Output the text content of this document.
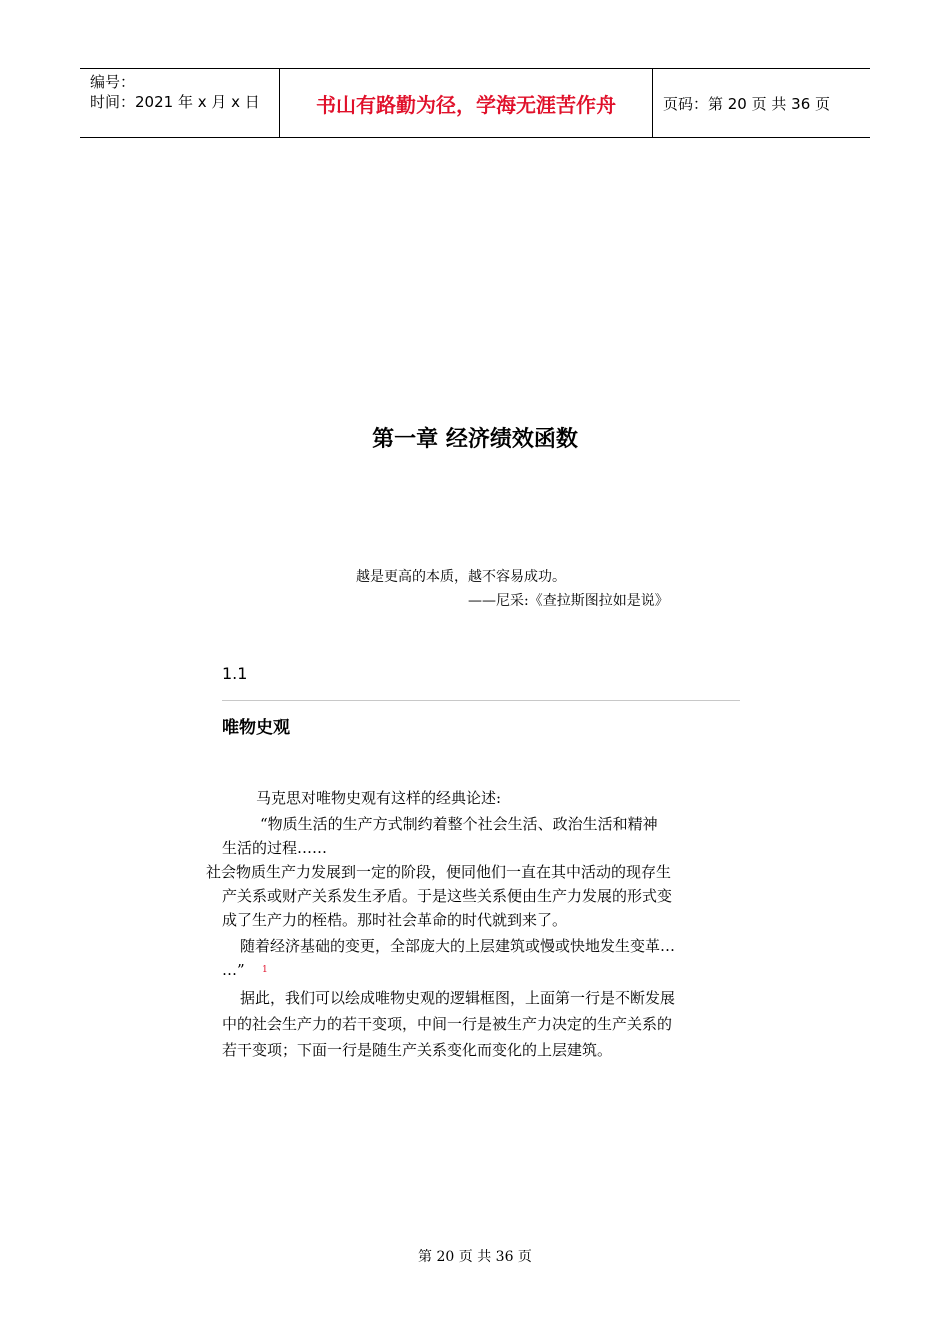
编号：
时间：2021 年 x 月 x 日	书山有路勤为径，学海无涯苦作舟	页码：第 20 页 共 36 页
第一章 经济绩效函数
越是更高的本质，越不容易成功。
——尼采:《查拉斯图拉如是说》
1.1
唯物史观
马克思对唯物史观有这样的经典论述:
“物质生活的生产方式制约着整个社会生活、政治生活和精神
生活的过程……
社会物质生产力发展到一定的阶段，便同他们一直在其中活动的现存生
产关系或财产关系发生矛盾。于是这些关系便由生产力发展的形式变
成了生产力的桎梏。那时社会革命的时代就到来了。
随着经济基础的变更，全部庞大的上层建筑或慢或快地发生变革…
…” 1
据此，我们可以绘成唯物史观的逻辑框图，上面第一行是不断发展
中的社会生产力的若干变项，中间一行是被生产力决定的生产关系的
若干变项；下面一行是随生产关系变化而变化的上层建筑。
第 20 页 共 36 页
